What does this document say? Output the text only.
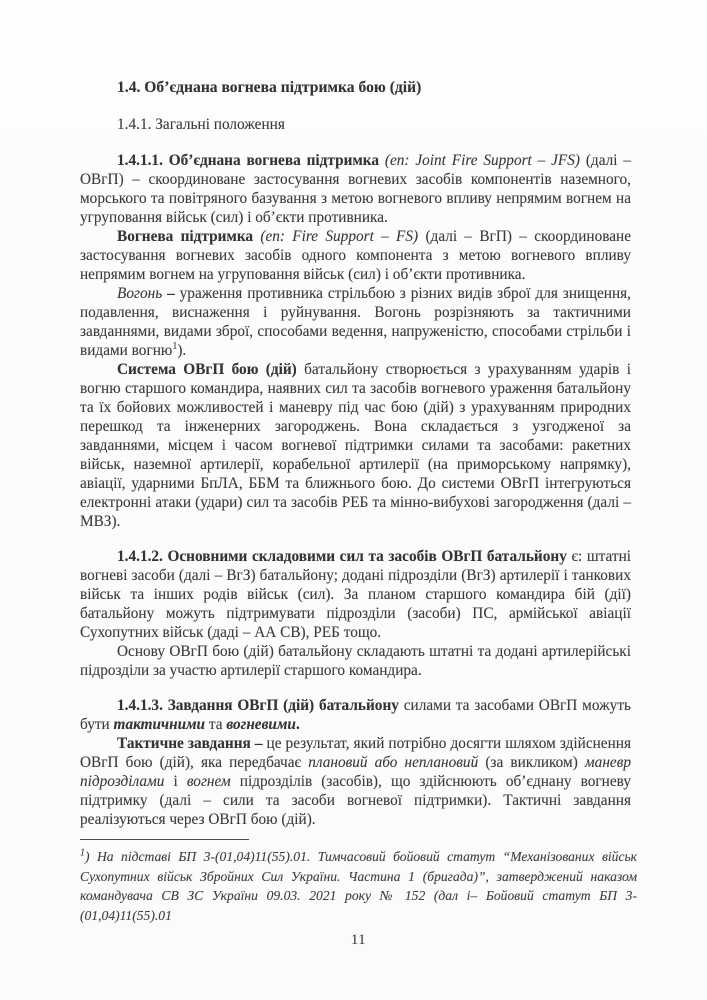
1.4. Об’єднана вогнева підтримка бою (дій)

1.4.1. Загальні положення

1.4.1.1. Об’єднана вогнева підтримка (en: Joint Fire Support – JFS) (далі – ОВгП) – скоординоване застосування вогневих засобів компонентів наземного, морського та повітряного базування з метою вогневого впливу непрямим вогнем на угруповання військ (сил) і об’єкти противника.

Вогнева підтримка (en: Fire Support – FS) (далі – ВгП) – скоординоване застосування вогневих засобів одного компонента з метою вогневого впливу непрямим вогнем на угруповання військ (сил) і об’єкти противника.

Вогонь – ураження противника стрільбою з різних видів зброї для знищення, подавлення, виснаження і руйнування. Вогонь розрізняють за тактичними завданнями, видами зброї, способами ведення, напруженістю, способами стрільби і видами вогню$^1$).

Система ОВгП бою (дій) батальйону створюється з урахуванням ударів і вогню старшого командира, наявних сил та засобів вогневого ураження батальйону та їх бойових можливостей і маневру під час бою (дій) з урахуванням природних перешкод та інженерних загороджень. Вона складається з узгодженої за завданнями, місцем і часом вогневої підтримки силами та засобами: ракетних військ, наземної артилерії, корабельної артилерії (на приморському напрямку), авіації, ударними БпЛА, ББМ та ближнього бою. До системи ОВгП інтегруються електронні атаки (удари) сил та засобів РЕБ та мінно-вибухові загородження (далі – МВЗ).

1.4.1.2. Основними складовими сил та засобів ОВгП батальйону є: штатні вогневі засоби (далі – ВгЗ) батальйону; додані підрозділи (ВгЗ) артилерії і танкових військ та інших родів військ (сил). За планом старшого командира бій (дії) батальйону можуть підтримувати підрозділи (засоби) ПС, армійської авіації Сухопутних військ (даді – АА СВ), РЕБ тощо.

Основу ОВгП бою (дій) батальйону складають штатні та додані артилерійські підрозділи за участю артилерії старшого командира.

1.4.1.3. Завдання ОВгП (дій) батальйону силами та засобами ОВгП можуть бути тактичними та вогневими.

Тактичне завдання – це результат, який потрібно досягти шляхом здійснення ОВгП бою (дій), яка передбачає плановий або неплановий (за викликом) маневр підрозділами і вогнем підрозділів (засобів), що здійснюють об’єднану вогневу підтримку (далі – сили та засоби вогневої підтримки). Тактичні завдання реалізуються через ОВгП бою (дій).

$^1$) На підставі БП 3-(01,04)11(55).01. Тимчасовий бойовий статут “Механізованих військ Сухопутних військ Збройних Сил України. Частина 1 (бригада)”, затверджений наказом командувача СВ ЗС України 09.03. 2021 року № 152 (дал і– Бойовий статут БП 3-(01,04)11(55).01

11
